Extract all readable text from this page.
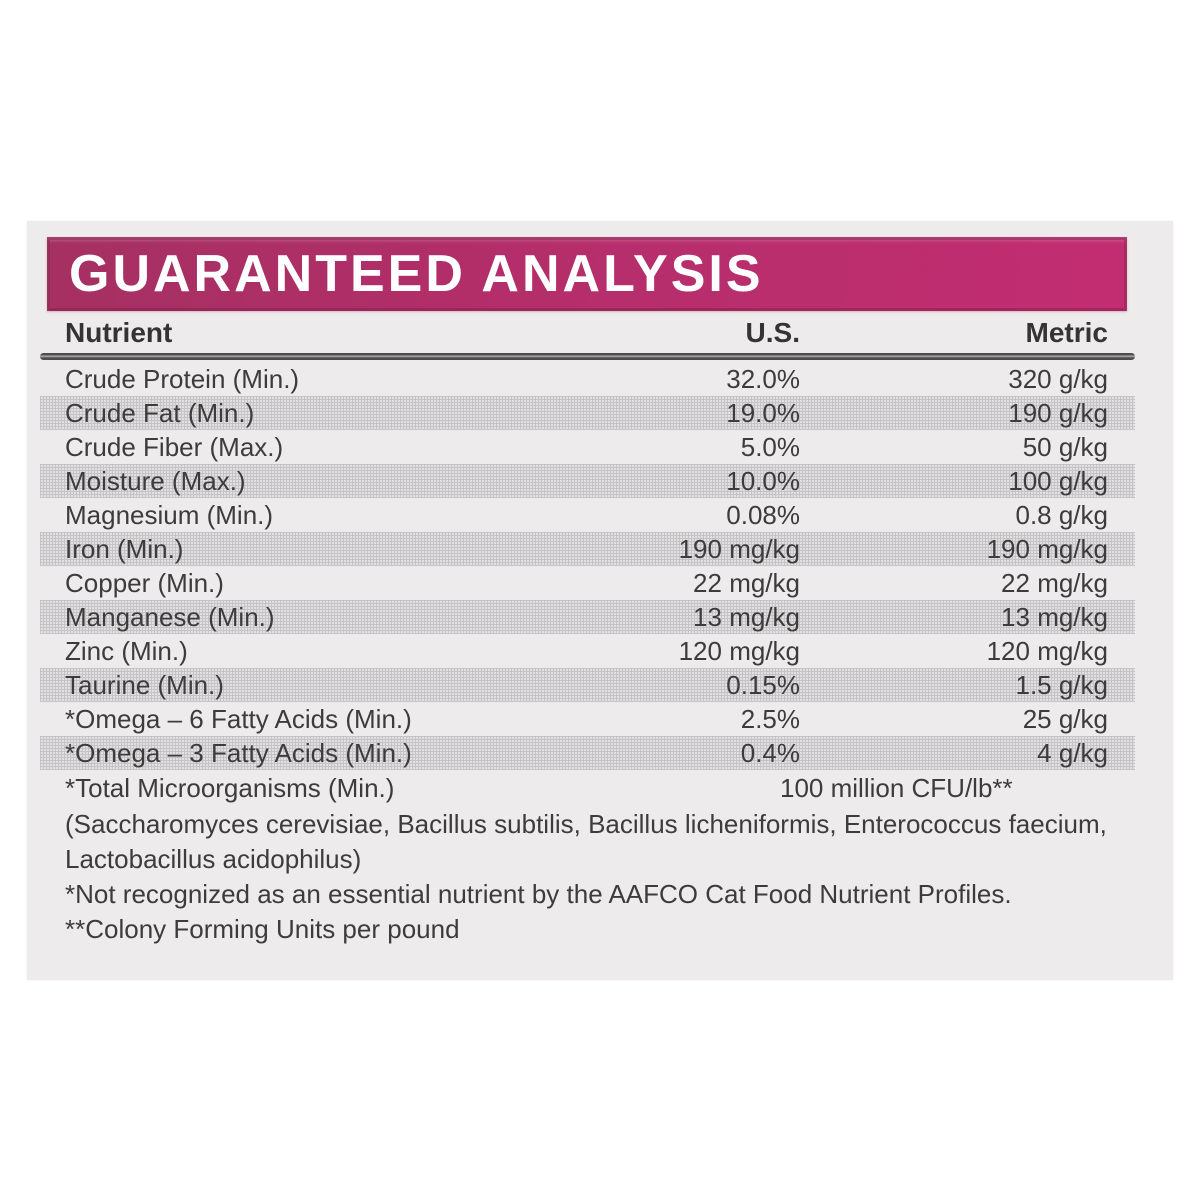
GUARANTEED ANALYSIS
Nutrient	U.S.	Metric
Crude Protein (Min.)	32.0%	320 g/kg
Crude Fat (Min.)	19.0%	190 g/kg
Crude Fiber (Max.)	5.0%	50 g/kg
Moisture (Max.)	10.0%	100 g/kg
Magnesium (Min.)	0.08%	0.8 g/kg
Iron (Min.)	190 mg/kg	190 mg/kg
Copper (Min.)	22 mg/kg	22 mg/kg
Manganese (Min.)	13 mg/kg	13 mg/kg
Zinc (Min.)	120 mg/kg	120 mg/kg
Taurine (Min.)	0.15%	1.5 g/kg
*Omega – 6 Fatty Acids (Min.)	2.5%	25 g/kg
*Omega – 3 Fatty Acids (Min.)	0.4%	4 g/kg
*Total Microorganisms (Min.)	100 million CFU/lb**

(Saccharomyces cerevisiae, Bacillus subtilis, Bacillus licheniformis, Enterococcus faecium, Lactobacillus acidophilus)

*Not recognized as an essential nutrient by the AAFCO Cat Food Nutrient Profiles.

**Colony Forming Units per pound
